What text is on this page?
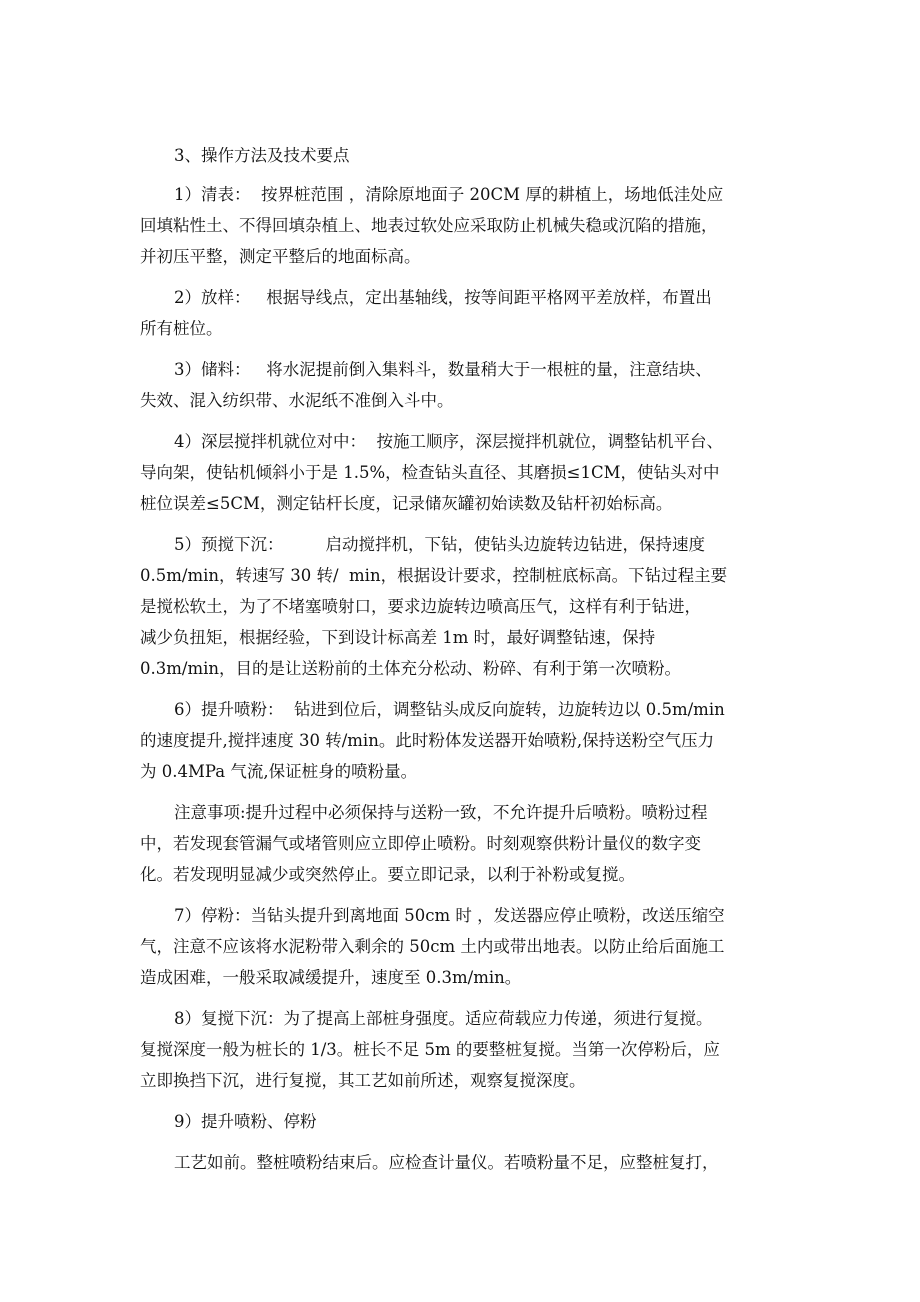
3、操作方法及技术要点

1）清表：  按界桩范围 ，清除原地面子 20CM 厚的耕植上，场地低洼处应
回填粘性土、不得回填杂植上、地表过软处应采取防止机械失稳或沉陷的措施，
并初压平整，测定平整后的地面标高。

2）放样：   根据导线点，定出基轴线，按等间距平格网平差放样，布置出
所有桩位。

3）储料：   将水泥提前倒入集料斗，数量稍大于一根桩的量，注意结块、
失效、混入纺织带、水泥纸不准倒入斗中。

4）深层搅拌机就位对中：  按施工顺序，深层搅拌机就位，调整钻机平台、
导向架，使钻机倾斜小于是 1.5%，检查钻头直径、其磨损≤1CM，使钻头对中
桩位误差≤5CM，测定钻杆长度，记录储灰罐初始读数及钻杆初始标高。

5）预搅下沉：        启动搅拌机，下钻，使钻头边旋转边钻进，保持速度
0.5m/min，转速写 30 转/  min，根据设计要求，控制桩底标高。下钻过程主要
是搅松软土，为了不堵塞喷射口，要求边旋转边喷高压气，这样有利于钻进，
减少负扭矩，根据经验，下到设计标高差 1m 时，最好调整钻速，保持
0.3m/min，目的是让送粉前的土体充分松动、粉碎、有利于第一次喷粉。

6）提升喷粉：  钻进到位后，调整钻头成反向旋转，边旋转边以 0.5m/min
的速度提升,搅拌速度 30 转/min。此时粉体发送器开始喷粉,保持送粉空气压力
为 0.4MPa 气流,保证桩身的喷粉量。

注意事项:提升过程中必须保持与送粉一致，不允许提升后喷粉。喷粉过程
中，若发现套管漏气或堵管则应立即停止喷粉。时刻观察供粉计量仪的数字变
化。若发现明显减少或突然停止。要立即记录，以利于补粉或复搅。

7）停粉：当钻头提升到离地面 50cm 时 ，发送器应停止喷粉，改送压缩空
气，注意不应该将水泥粉带入剩余的 50cm 土内或带出地表。以防止给后面施工
造成困难，一般采取减缓提升，速度至 0.3m/min。

8）复搅下沉：为了提高上部桩身强度。适应荷载应力传递，须进行复搅。
复搅深度一般为桩长的 1/3。桩长不足 5m 的要整桩复搅。当第一次停粉后，应
立即换挡下沉，进行复搅，其工艺如前所述，观察复搅深度。

9）提升喷粉、停粉

工艺如前。整桩喷粉结束后。应检查计量仪。若喷粉量不足，应整桩复打，
